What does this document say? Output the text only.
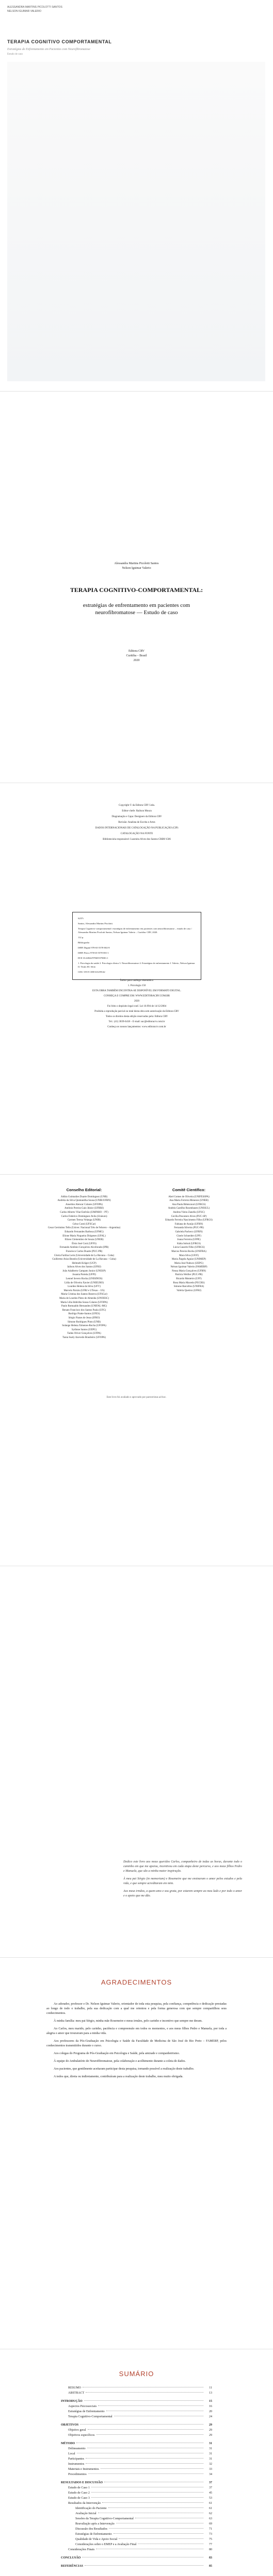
ALESSANDRA MARTINS PICOLOTTI SANTOS
NELSON IGUIMAR VALERIO
TERAPIA COGNITIVO COMPORTAMENTAL
Estratégias de Enfrentamento em Pacientes com Neurofibromatose
Estudo de caso
Alessandra Martins Picolotti Santos
Nelson Iguimar Valerio
TERAPIA COGNITIVO-COMPORTAMENTAL:
estratégias de enfrentamento em pacientes com neurofibromatose — Estudo de caso
Editora CRV
Curitiba – Brasil
2020

Copyright © da Editora CRV Ltda.

Editor-chefe: Railson Moura

Diagramação e Capa: Designers da Editora CRV

Revisão: Analista de Escrita e Artes

DADOS INTERNACIONAIS DE CATALOGAÇÃO NA PUBLICAÇÃO (CIP)

CATALOGAÇÃO NA FONTE

Bibliotecária responsável: Luzenira Alves dos Santos CRB9/1506

S237t

Santos, Alessandra Martins Picolotti.

Terapia Cognitivo-comportamental: estratégias de enfrentamento em pacientes com neurofibromatose – estudo de caso / Alessandra Martins Picolotti Santos, Nelson Iguimar Valerio – Curitiba: CRV, 2020.

112 p.

Bibliografia

ISBN Digital 978-65-5578-002-8

ISBN Físico 978-65-5578-001-1

DOI 10.24824/978655578001.1

1. Psicologia da saúde 2. Psicologia clínica 3. Neurofibromatose 4. Estratégias de enfrentamento I. Valerio, Nelson Iguimar II. Título III. Série.

CDU 159.9 CDD 616.89142

Índice para catálogo sistemático

1. Psicologia 150

ESTA OBRA TAMBÉM ENCONTRA-SE DISPONÍVEL EM FORMATO DIGITAL.

CONHEÇA E COMPRE EM: WWW.EDITORACRV.COM.BR

2020

Foi feito o depósito legal conf. Lei 10.994 de 14/12/2004

Proibida a reprodução parcial ou total desta obra sem autorização da Editora CRV

Todos os direitos desta edição reservados pela: Editora CRV

Tel.: (41) 3039-6418 – E-mail: sac@editoracrv.com.br

Conheça os nossos lançamentos: www.editoracrv.com.br

Conselho Editorial:
Aldira Guimarães Duarte Domínguez (UNB)
Andréia da Silva Quintanilha Sousa (UNIR/UFRN)
Anselmo Alencar Colares (UFOPA)
Antônio Pereira Gaio Júnior (UFRRJ)
Carlos Alberto Vilar Estêvão (UMINHO – PT)
Carlos Federico Dominguez Avila (Unieuro)
Carmen Tereza Velanga (UNIR)
Celso Conti (UFSCar)
Cesar Gerónimo Tello (Univer. Nacional Três de Febrero – Argentina)
Eduardo Fernandes Barbosa (UFMG)
Elione Maria Nogueira Diógenes (UFAL)
Elizeu Clementino de Souza (UNEB)
Élsio José Corá (UFFS)
Fernando Antônio Gonçalves Alcoforado (IPB)
Francisco Carlos Duarte (PUC-PR)
Gloria Fariñas León (Universidade de La Havana – Cuba)
Guillermo Arias Beatón (Universidade de La Havana – Cuba)
Helmuth Krüger (UCP)
Jailson Alves dos Santos (UFRJ)
João Adalberto Campato Junior (UNESP)
Josania Portela (UFPI)
Leonel Severo Rocha (UNISINOS)
Lídia de Oliveira Xavier (UNIEURO)
Lourdes Helena da Silva (UFV)
Marcelo Paixão (UFRJ e UTexas – US)
Maria Cristina dos Santos Bezerra (UFSCar)
Maria de Lourdes Pinto de Almeida (UNOESC)
Maria Lília Imbiriba Sousa Colares (UFOPA)
Paulo Romualdo Hernandes (UNIFAL-MG)
Renato Francisco dos Santos Paula (UFG)
Rodrigo Pratte-Santos (UFES)
Sérgio Nunes de Jesus (IFRO)
Simone Rodrigues Pinto (UNB)
Solange Helena Ximenes-Rocha (UFOPA)
Sydione Santos (UEPG)
Tadeu Oliver Gonçalves (UFPA)
Tania Suely Azevedo Brasileiro (UFOPA)
Comitê Científico:
Abel Gomes de Oliveira (UNIFESSPA)
Ana Maria Ferreira Menezes (UNEB)
Ana Paula Bittencourt (UFRGS)
Andréa Castilho Rosenbaum (UNISUL)
Andrea Vieira Zanella (UFSC)
Cecília Pescatore Alves (PUC-SP)
Eduardo Ferreira Nascimento Filho (UFRGS)
Fabiana de Araújo (UFRN)
Fernanda Silveira (PUC-PR)
Gabriela Pacheco (UFRN)
Gisele Schneider (UPF)
Joana Ferreira (UFPE)
Kátia Sobral (UFRGS)
Lúcia Gauerle Filho (UFRGS)
Marcos Pereira Rocha (UNIFRA)
Mara Silva (UFJF)
Maria Ângela Aguiar (UNIMEP)
Maria José Nabuco (UEPG)
Nelson Iguimar Valerio (FAMERP)
Neusa Maria Gonçalves (UFRN)
Patrícia Weiller (PUC-PR)
Ricardo Monteiro (UFF)
Rosa Maria Macedo (PUCRS)
Simone Barcellos (UNIFRA)
Valéria Queiroz (UFRJ)
Este livro foi avaliado e aprovado por pareceristas ad hoc.

Dedico este livro aos meus queridos Carlos, companheiro de todas as horas, durante todo o caminho em que me apoiou, incentivou em cada etapa deste percurso, e aos meus filhos Pedro e Manuela, que são a minha maior inspiração.

À meu pai Sérgio (in memoriam) e Rosemeire que me ensinaram o amor pelos estudos e pela vida, e que sempre acreditaram em mim.

Aos meus irmãos, a quem amo e sou grata, por estarem sempre ao meu lado e por todo o amor e o apoio que me dão.

AGRADECIMENTOS

Ao adorador, professor e Dr. Nelson Iguimar Valerio, orientador de toda esta pesquisa, pela confiança, competência e dedicação prestadas ao longo de todo o trabalho, pela sua dedicação com a qual me orientou e pela forma generosa com que sempre compartilhou seus conhecimentos.

À minha família: meu pai Sérgio, minha mãe Rosemeire e meus irmãos, pelo carinho e incentivo que sempre me deram.

Ao Carlos, meu marido, pelo carinho, paciência e compreensão em todos os momentos, e aos meus filhos Pedro e Manuela, por toda a alegria e amor que trouxeram para a minha vida.

Aos professores da Pós-Graduação em Psicologia e Saúde da Faculdade de Medicina de São José do Rio Preto – FAMERP, pelos conhecimentos transmitidos durante o curso.

Aos colegas do Programa de Pós-Graduação em Psicologia e Saúde, pela amizade e companheirismo.

À equipe do Ambulatório de Neurofibromatose, pela colaboração e acolhimento durante a coleta de dados.

Aos pacientes, que gentilmente aceitaram participar desta pesquisa, tornando possível a realização deste trabalho.

A todos que, direta ou indiretamente, contribuíram para a realização deste trabalho, meu muito obrigada.

SUMÁRIO
RESUMO	11
ABSTRACT	13
INTRODUÇÃO	15
Aspectos Psicossociais	16
Estratégias de Enfrentamento	20
Terapia Cognitivo-Comportamental	24
OBJETIVOS	29
Objetivo geral	29
Objetivos específicos	29
MÉTODO	31
Delineamento	31
Local	31
Participantes	31
Instrumentos	32
Materiais e Instrumentos	33
Procedimentos	34
RESULTADOS E DISCUSSÃO	37
Estudo de Caso 1	37
Estudo de Caso 2	45
Estudo de Caso 3	53
Resultados da Intervenção	61
Identificação do Paciente	61
Avaliação Inicial	62
Sessões da Terapia Cognitivo-Comportamental	63
Reavaliação após a Intervenção	69
Discussão dos Resultados	71
Estratégias de Enfrentamento	73
Qualidade de Vida e Apoio Social	75
Considerações sobre o EMEP e a Avaliação Final	77
Considerações Finais	80
CONCLUSÃO	83
REFERÊNCIAS	85
